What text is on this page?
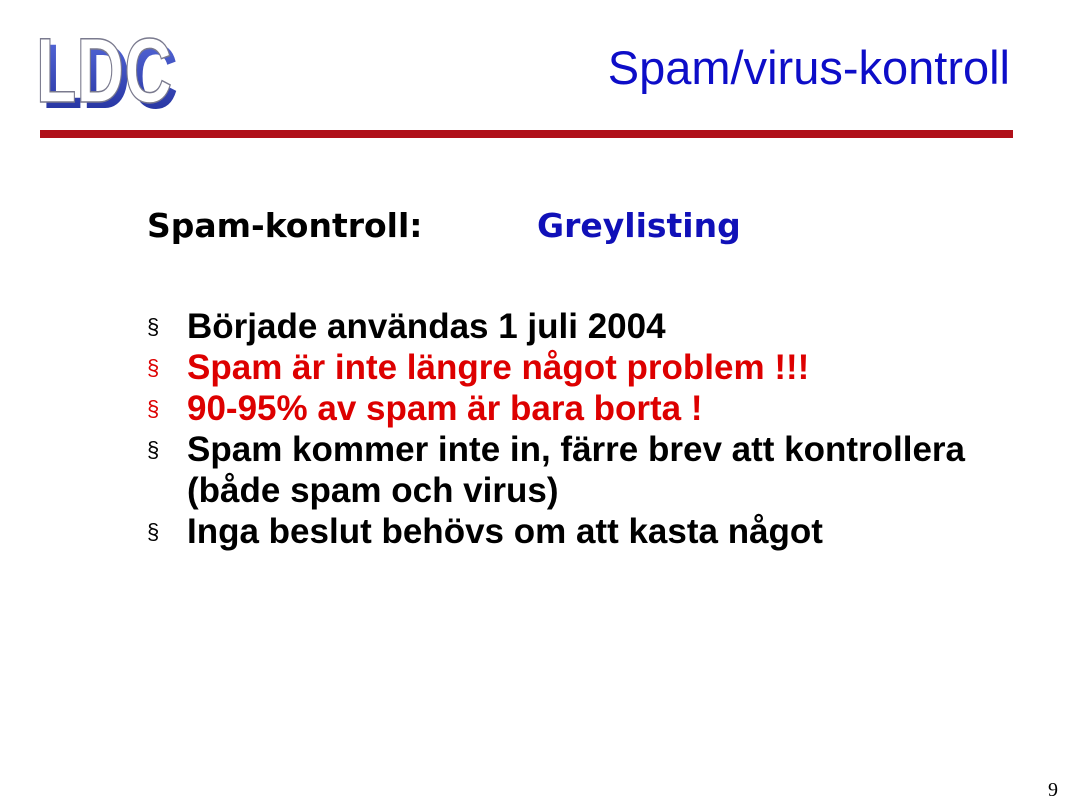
LDC
LDC	Spam/virus-kontroll
Spam-kontroll:	Greylisting
§ Började användas 1 juli 2004
§ Spam är inte längre något problem !!!
§ 90-95% av spam är bara borta !
§ Spam kommer inte in, färre brev att kontrollera (både spam och virus)
§ Inga beslut behövs om att kasta något
9
